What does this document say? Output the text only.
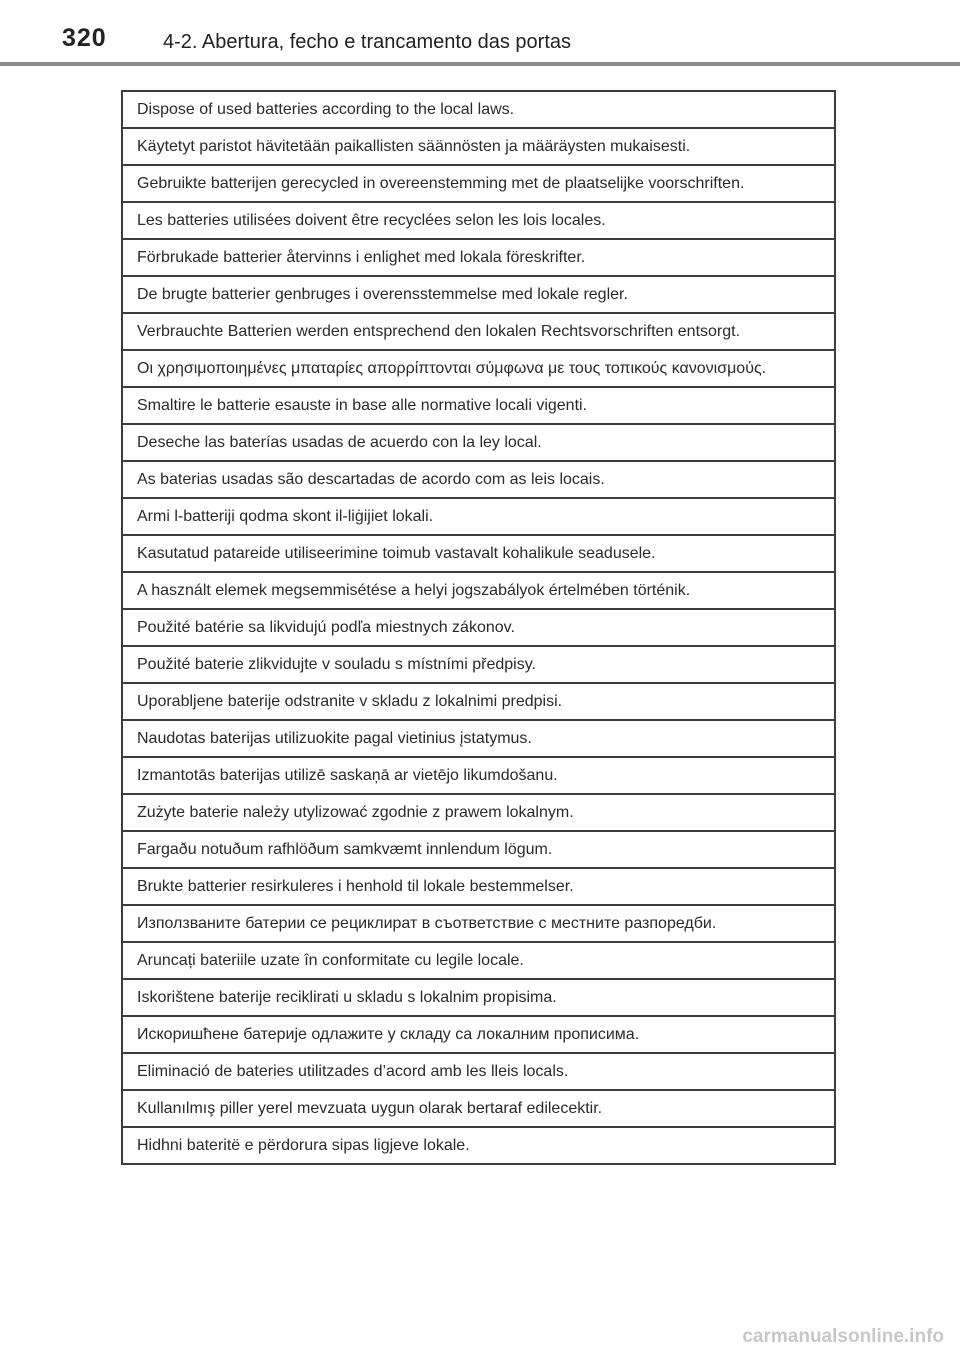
320	4-2. Abertura, fecho e trancamento das portas
Dispose of used batteries according to the local laws.
Käytetyt paristot hävitetään paikallisten säännösten ja määräysten mukaisesti.
Gebruikte batterijen gerecycled in overeenstemming met de plaatselijke voorschriften.
Les batteries utilisées doivent être recyclées selon les lois locales.
Förbrukade batterier återvinns i enlighet med lokala föreskrifter.
De brugte batterier genbruges i overensstemmelse med lokale regler.
Verbrauchte Batterien werden entsprechend den lokalen Rechtsvorschriften entsorgt.
Οι χρησιμοποιημένες μπαταρίες απορρίπτονται σύμφωνα με τους τοπικούς κανονισμούς.
Smaltire le batterie esauste in base alle normative locali vigenti.
Deseche las baterías usadas de acuerdo con la ley local.
As baterias usadas são descartadas de acordo com as leis locais.
Armi l-batteriji qodma skont il-liġijiet lokali.
Kasutatud patareide utiliseerimine toimub vastavalt kohalikule seadusele.
A használt elemek megsemmisétése a helyi jogszabályok értelmében történik.
Použité batérie sa likvidujú podľa miestnych zákonov.
Použité baterie zlikvidujte v souladu s místními předpisy.
Uporabljene baterije odstranite v skladu z lokalnimi predpisi.
Naudotas baterijas utilizuokite pagal vietinius įstatymus.
Izmantotās baterijas utilizē saskaņā ar vietējo likumdošanu.
Zużyte baterie należy utylizować zgodnie z prawem lokalnym.
Fargaðu notuðum rafhlöðum samkvæmt innlendum lögum.
Brukte batterier resirkuleres i henhold til lokale bestemmelser.
Използваните батерии се рециклират в съответствие с местните разпоредби.
Aruncați bateriile uzate în conformitate cu legile locale.
Iskorištene baterije reciklirati u skladu s lokalnim propisima.
Искоришћене батерије одлажите у складу са локалним прописима.
Eliminació de bateries utilitzades d’acord amb les lleis locals.
Kullanılmış piller yerel mevzuata uygun olarak bertaraf edilecektir.
Hidhni bateritë e përdorura sipas ligjeve lokale.
carmanualsonline.info
